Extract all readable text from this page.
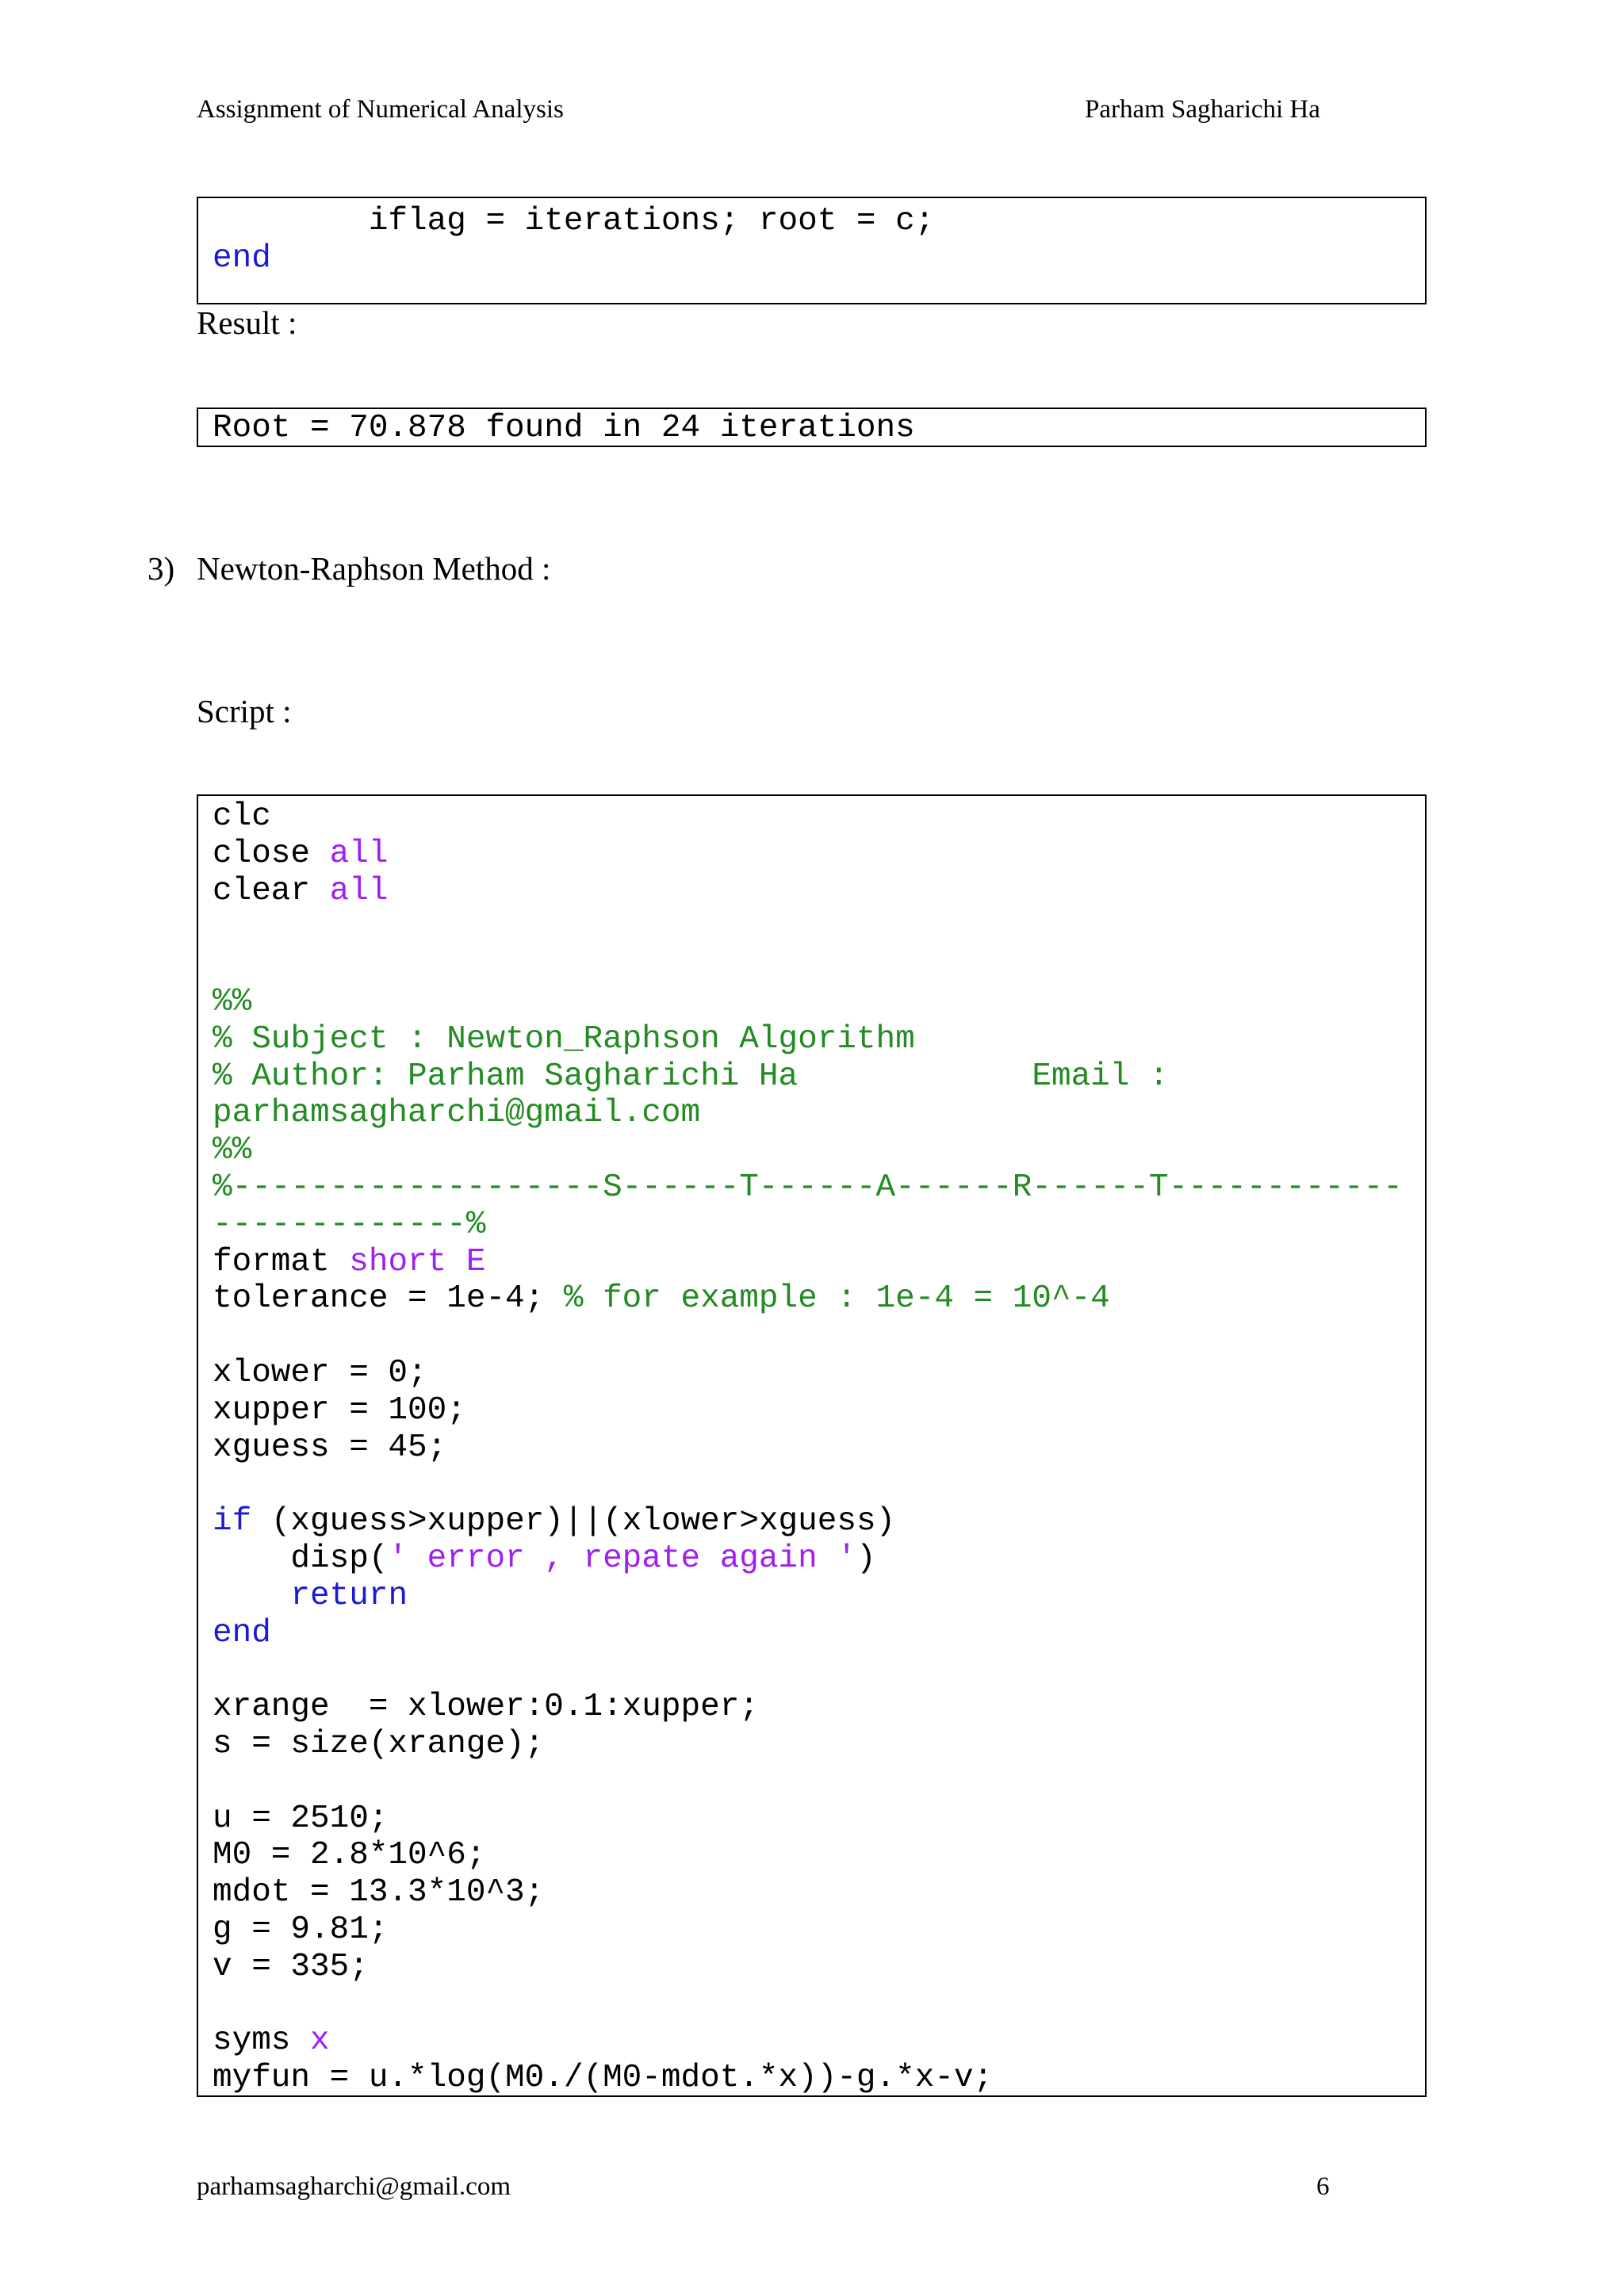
Assignment of Numerical Analysis	Parham Sagharichi Ha
iflag = iterations; root = c;
end
Result :
Root = 70.878 found in 24 iterations
3) Newton-Raphson Method :
Script :
clc
close all
clear all
%%
% Subject : Newton_Raphson Algorithm
% Author: Parham Sagharichi Ha            Email :
parhamsagharchi@gmail.com
%%
%-------------------S------T------A------R------T------------
-------------%
format short E
tolerance = 1e-4; % for example : 1e-4 = 10^-4
xlower = 0;
xupper = 100;
xguess = 45;
if (xguess>xupper)||(xlower>xguess)
disp(' error , repate again ')
return
end
xrange  = xlower:0.1:xupper;
s = size(xrange);
u = 2510;
M0 = 2.8*10^6;
mdot = 13.3*10^3;
g = 9.81;
v = 335;
syms x
myfun = u.*log(M0./(M0-mdot.*x))-g.*x-v;
parhamsagharchi@gmail.com	6
